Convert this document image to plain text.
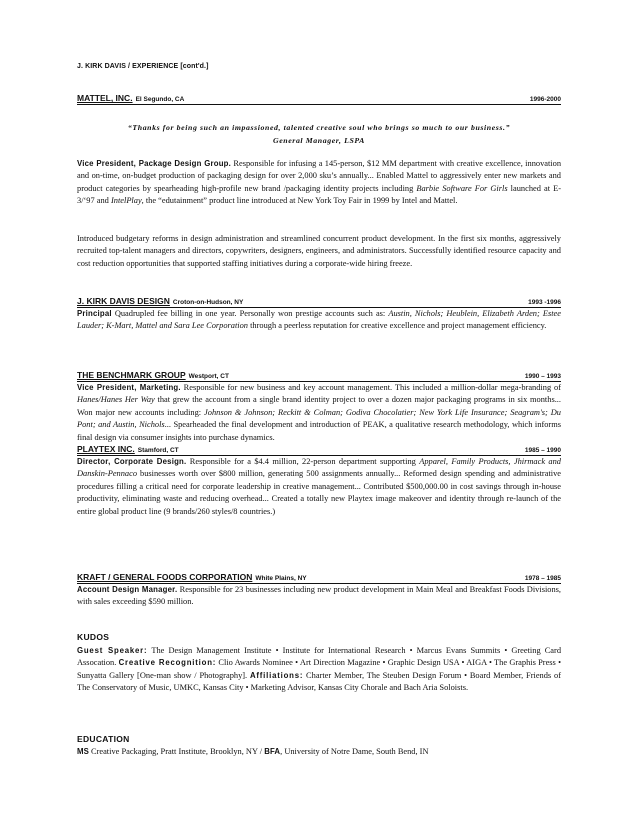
J. KIRK DAVIS / EXPERIENCE [cont'd.]
MATTEL, INC. El Segundo, CA	1996-2000
“Thanks for being such an impassioned, talented creative soul who brings so much to our business.”
General Manager, LSPA
Vice President, Package Design Group. Responsible for infusing a 145-person, $12 MM department with creative excellence, innovation and on-time, on-budget production of packaging design for over 2,000 sku’s annually... Enabled Mattel to aggressively enter new markets and product categories by spearheading high-profile new brand /packaging identity projects including Barbie Software For Girls launched at E-3/‘97 and IntelPlay, the “edutainment” product line introduced at New York Toy Fair in 1999 by Intel and Mattel.
Introduced budgetary reforms in design administration and streamlined concurrent product development. In the first six months, aggressively recruited top-talent managers and directors, copywriters, designers, engineers, and administrators. Successfully identified resource capacity and cost reduction opportunities that supported staffing initiatives during a corporate-wide hiring freeze.
J. KIRK DAVIS DESIGN Croton-on-Hudson, NY	1993 -1996
Principal Quadrupled fee billing in one year. Personally won prestige accounts such as: Austin, Nichols; Heublein, Elizabeth Arden; Estee Lauder; K-Mart, Mattel and Sara Lee Corporation through a peerless reputation for creative excellence and project management efficiency.
THE BENCHMARK GROUP Westport, CT	1990 – 1993
Vice President, Marketing. Responsible for new business and key account management. This included a million-dollar mega-branding of Hanes/Hanes Her Way that grew the account from a single brand identity project to over a dozen major packaging programs in six months... Won major new accounts including: Johnson & Johnson; Reckitt & Colman; Godiva Chocolatier; New York Life Insurance; Seagram's; Du Pont; and Austin, Nichols... Spearheaded the final development and introduction of PEAK, a qualitative research methodology, which informs final design via consumer insights into purchase dynamics.
PLAYTEX INC. Stamford, CT	1985 – 1990
Director, Corporate Design. Responsible for a $4.4 million, 22-person department supporting Apparel, Family Products, Jhirmack and Danskin-Pennaco businesses worth over $800 million, generating 500 assignments annually... Reformed design spending and administrative procedures filling a critical need for corporate leadership in creative management... Contributed $500,000.00 in cost savings through in-house productivity, eliminating waste and reducing overhead... Created a totally new Playtex image makeover and identity through re-launch of the entire global product line (9 brands/260 styles/8 countries.)
KRAFT / GENERAL FOODS CORPORATION White Plains, NY	1978 – 1985
Account Design Manager. Responsible for 23 businesses including new product development in Main Meal and Breakfast Foods Divisions, with sales exceeding $590 million.
KUDOS
Guest Speaker: The Design Management Institute • Institute for International Research • Marcus Evans Summits • Greeting Card Assocation. Creative Recognition: Clio Awards Nominee • Art Direction Magazine • Graphic Design USA • AIGA • The Graphis Press • Sunyatta Gallery [One-man show / Photography]. Affiliations: Charter Member, The Steuben Design Forum • Board Member, Friends of The Conservatory of Music, UMKC, Kansas City • Marketing Advisor, Kansas City Chorale and Bach Aria Soloists.
EDUCATION
MS Creative Packaging, Pratt Institute, Brooklyn, NY / BFA, University of Notre Dame, South Bend, IN
